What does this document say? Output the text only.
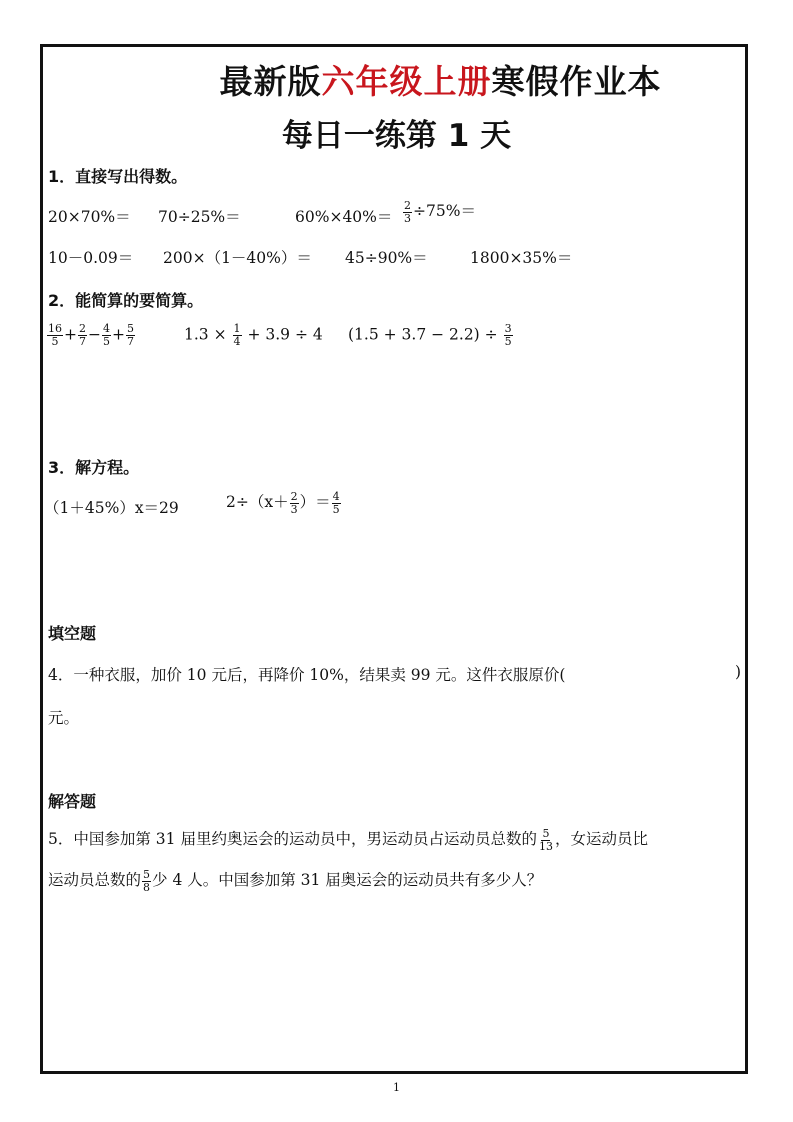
最新版六年级上册寒假作业本
每日一练第 1 天
1．直接写出得数。
20×70%＝ 70÷25%＝	$60\%\times 40\%= \frac{2}{3} \div 75\%=$
10－0.09＝ 200×（1－40%）＝ 45÷90%＝	1800×35%＝
2．能简算的要简算。
$\frac{16}{5} + \frac{2}{7} - \frac{4}{5} + \frac{5}{7}$	$1.3 \times \frac{1}{4} + 3.9 \div 4$ $(1.5 + 3.7 - 2.2) \div \frac{3}{5}$
3．解方程。
（1＋45%）x＝29	$2\div(x+ \frac{2}{3}$ ）＝ $\frac{4}{5}$
填空题
4．一种衣服，加价 10 元后，再降价 10%，结果卖 99 元。这件衣服原价(	)
元。
解答题
5．中国参加第 31 届里约奥运会的运动员中，男运动员占运动员总数的 $\frac{5}{13}$ ，女运动员比
运动员总数的 $\frac{5}{8}$ 少 4 人。中国参加第 31 届奥运会的运动员共有多少人？
1
